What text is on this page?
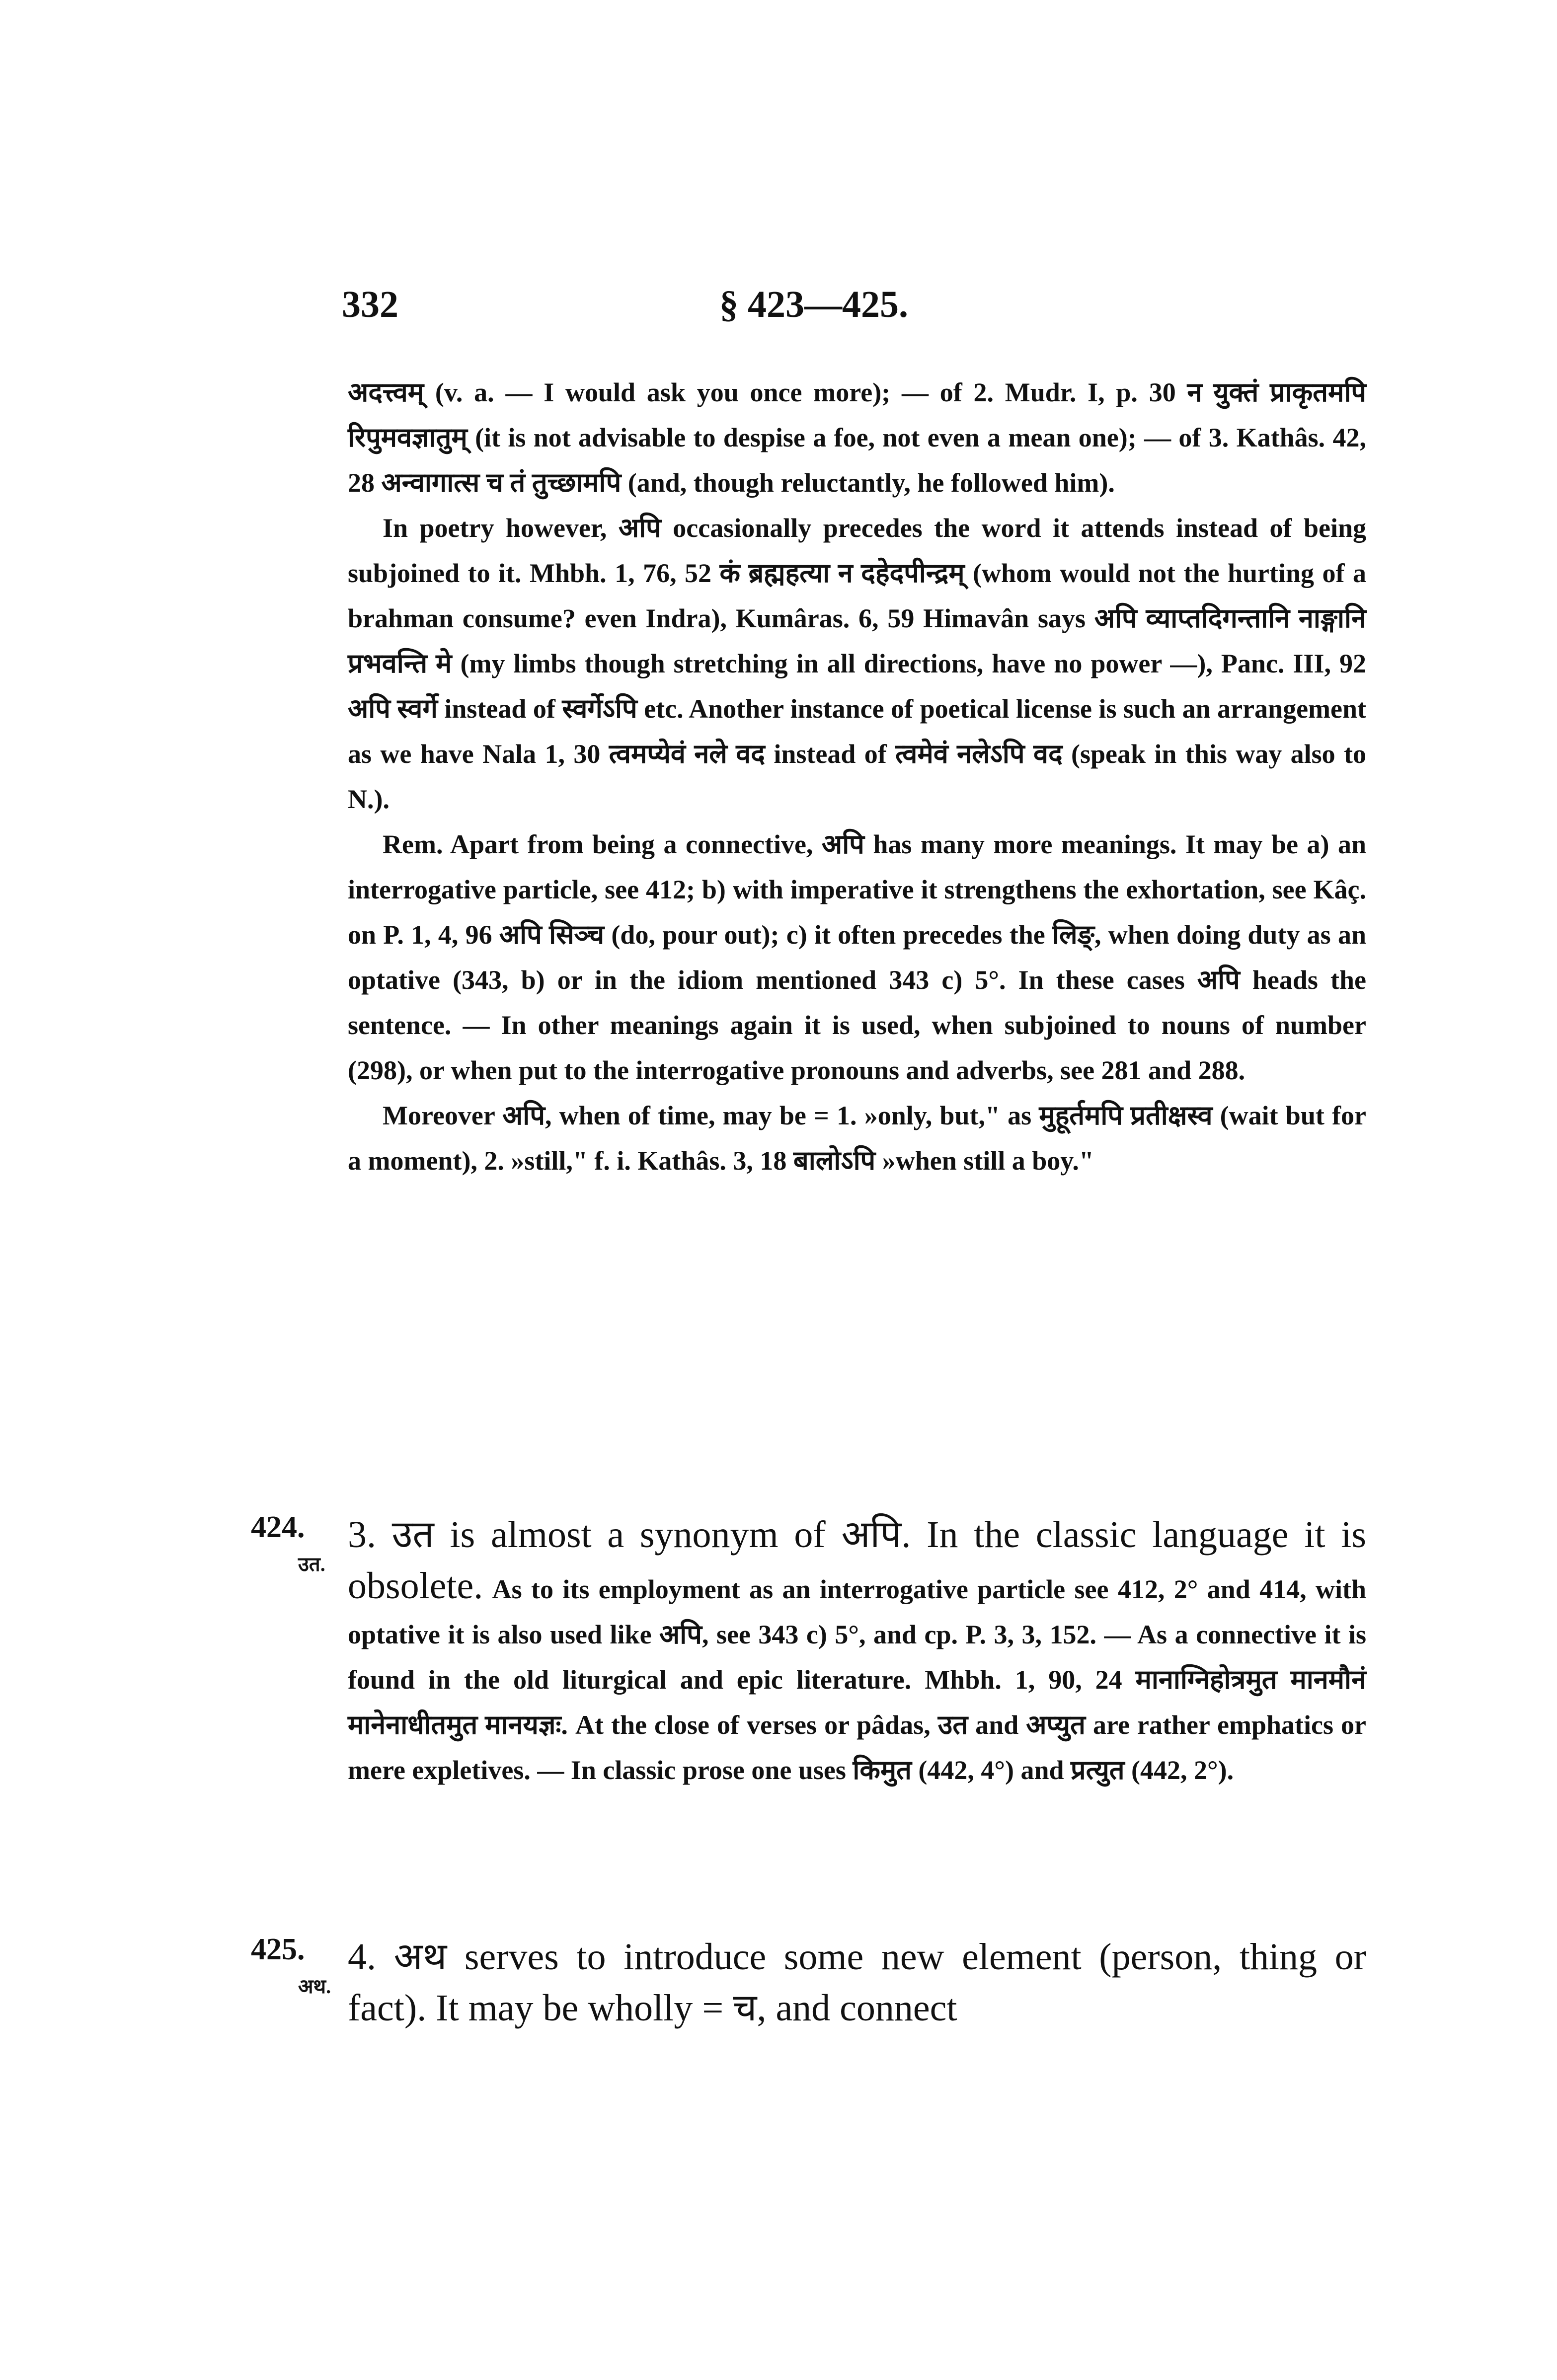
332	§ 423—425.

अदत्त्वम् (v. a. — I would ask you once more); — of 2. Mudr. I, p. 30 न युक्तं प्राकृतमपि रिपुमवज्ञातुम् (it is not advisable to despise a foe, not even a mean one); — of 3. Kathâs. 42, 28 अन्वागात्स च तं तुच्छामपि (and, though reluctantly, he followed him).

In poetry however, अपि occasionally precedes the word it attends instead of being subjoined to it. Mhbh. 1, 76, 52 कं ब्रह्महत्या न दहेदपीन्द्रम् (whom would not the hurting of a brahman consume? even Indra), Kumâras. 6, 59 Himavân says अपि व्याप्तदिगन्तानि नाङ्गानि प्रभवन्ति मे (my limbs though stretching in all directions, have no power —), Panc. III, 92 अपि स्वर्गे instead of स्वर्गेऽपि etc. Another instance of poetical license is such an arrangement as we have Nala 1, 30 त्वमप्येवं नले वद instead of त्वमेवं नलेऽपि वद (speak in this way also to N.).

Rem. Apart from being a connective, अपि has many more meanings. It may be a) an interrogative particle, see 412; b) with imperative it strengthens the exhortation, see Kâç. on P. 1, 4, 96 अपि सिञ्च (do, pour out); c) it often precedes the लिङ्, when doing duty as an optative (343, b) or in the idiom mentioned 343 c) 5°. In these cases अपि heads the sentence. — In other meanings again it is used, when subjoined to nouns of number (298), or when put to the interrogative pronouns and adverbs, see 281 and 288.

Moreover अपि, when of time, may be = 1. »only, but," as मुहूर्तमपि प्रतीक्षस्व (wait but for a moment), 2. »still," f. i. Kathâs. 3, 18 बालोऽपि »when still a boy."

424.
उत.

3. उत is almost a synonym of अपि. In the classic language it is obsolete. As to its employment as an interrogative particle see 412, 2° and 414, with optative it is also used like अपि, see 343 c) 5°, and cp. P. 3, 3, 152. — As a connective it is found in the old liturgical and epic literature. Mhbh. 1, 90, 24 मानाग्निहोत्रमुत मानमौनं मानेनाधीतमुत मानयज्ञः. At the close of verses or pâdas, उत and अप्युत are rather emphatics or mere expletives. — In classic prose one uses किमुत (442, 4°) and प्रत्युत (442, 2°).

425.
अथ.

4. अथ serves to introduce some new element (person, thing or fact). It may be wholly = च, and connect
